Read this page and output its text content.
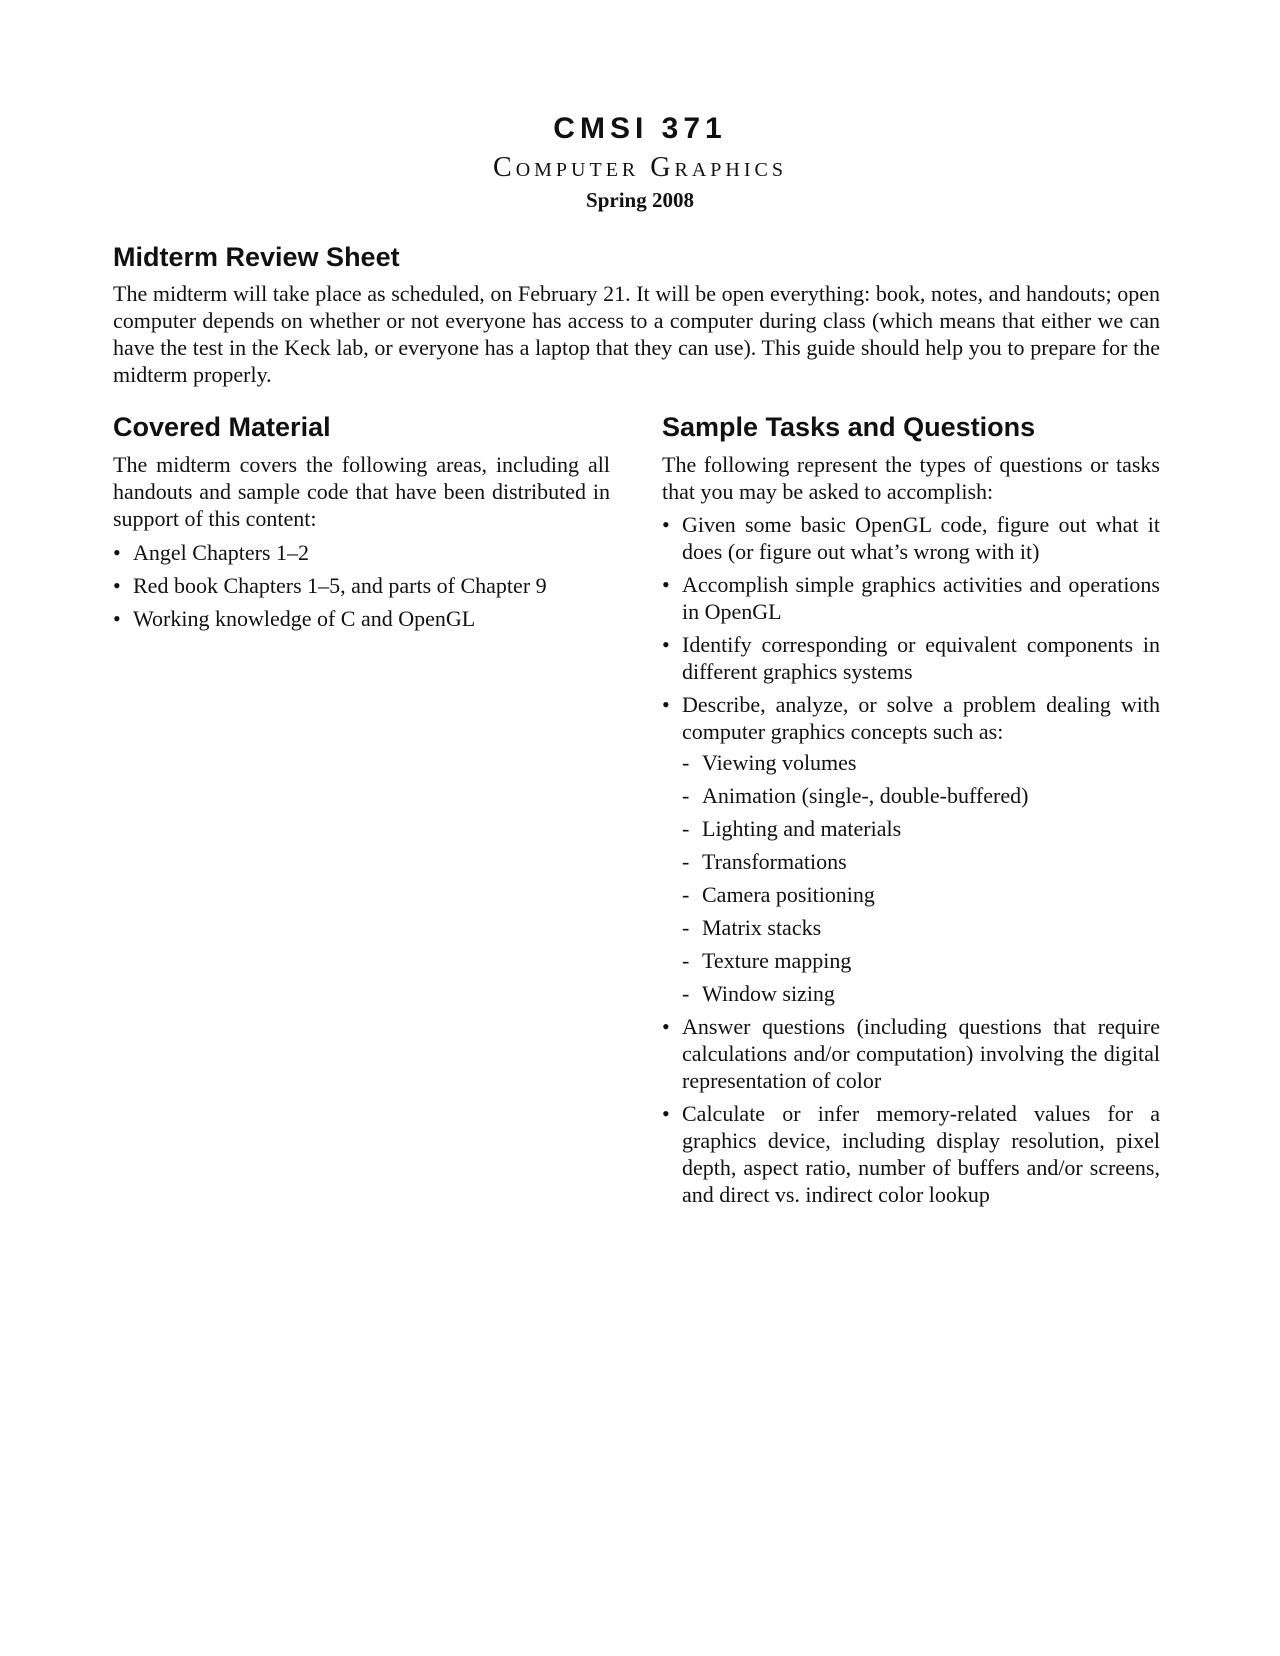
CMSI 371
Computer Graphics
Spring 2008
Midterm Review Sheet

The midterm will take place as scheduled, on February 21. It will be open everything: book, notes, and handouts; open computer depends on whether or not everyone has access to a computer during class (which means that either we can have the test in the Keck lab, or everyone has a laptop that they can use). This guide should help you to prepare for the midterm properly.

Covered Material

The midterm covers the following areas, including all handouts and sample code that have been distributed in support of this content:

• Angel Chapters 1–2
• Red book Chapters 1–5, and parts of Chapter 9
• Working knowledge of C and OpenGL
Sample Tasks and Questions

The following represent the types of questions or tasks that you may be asked to accomplish:

• Given some basic OpenGL code, figure out what it does (or figure out what’s wrong with it)
• Accomplish simple graphics activities and operations in OpenGL
• Identify corresponding or equivalent components in different graphics systems
• Describe, analyze, or solve a problem dealing with computer graphics concepts such as:
- Viewing volumes
- Animation (single-, double-buffered)
- Lighting and materials
- Transformations
- Camera positioning
- Matrix stacks
- Texture mapping
- Window sizing
• Answer questions (including questions that require calculations and/or computation) involving the digital representation of color
• Calculate or infer memory-related values for a graphics device, including display resolution, pixel depth, aspect ratio, number of buffers and/or screens, and direct vs. indirect color lookup
